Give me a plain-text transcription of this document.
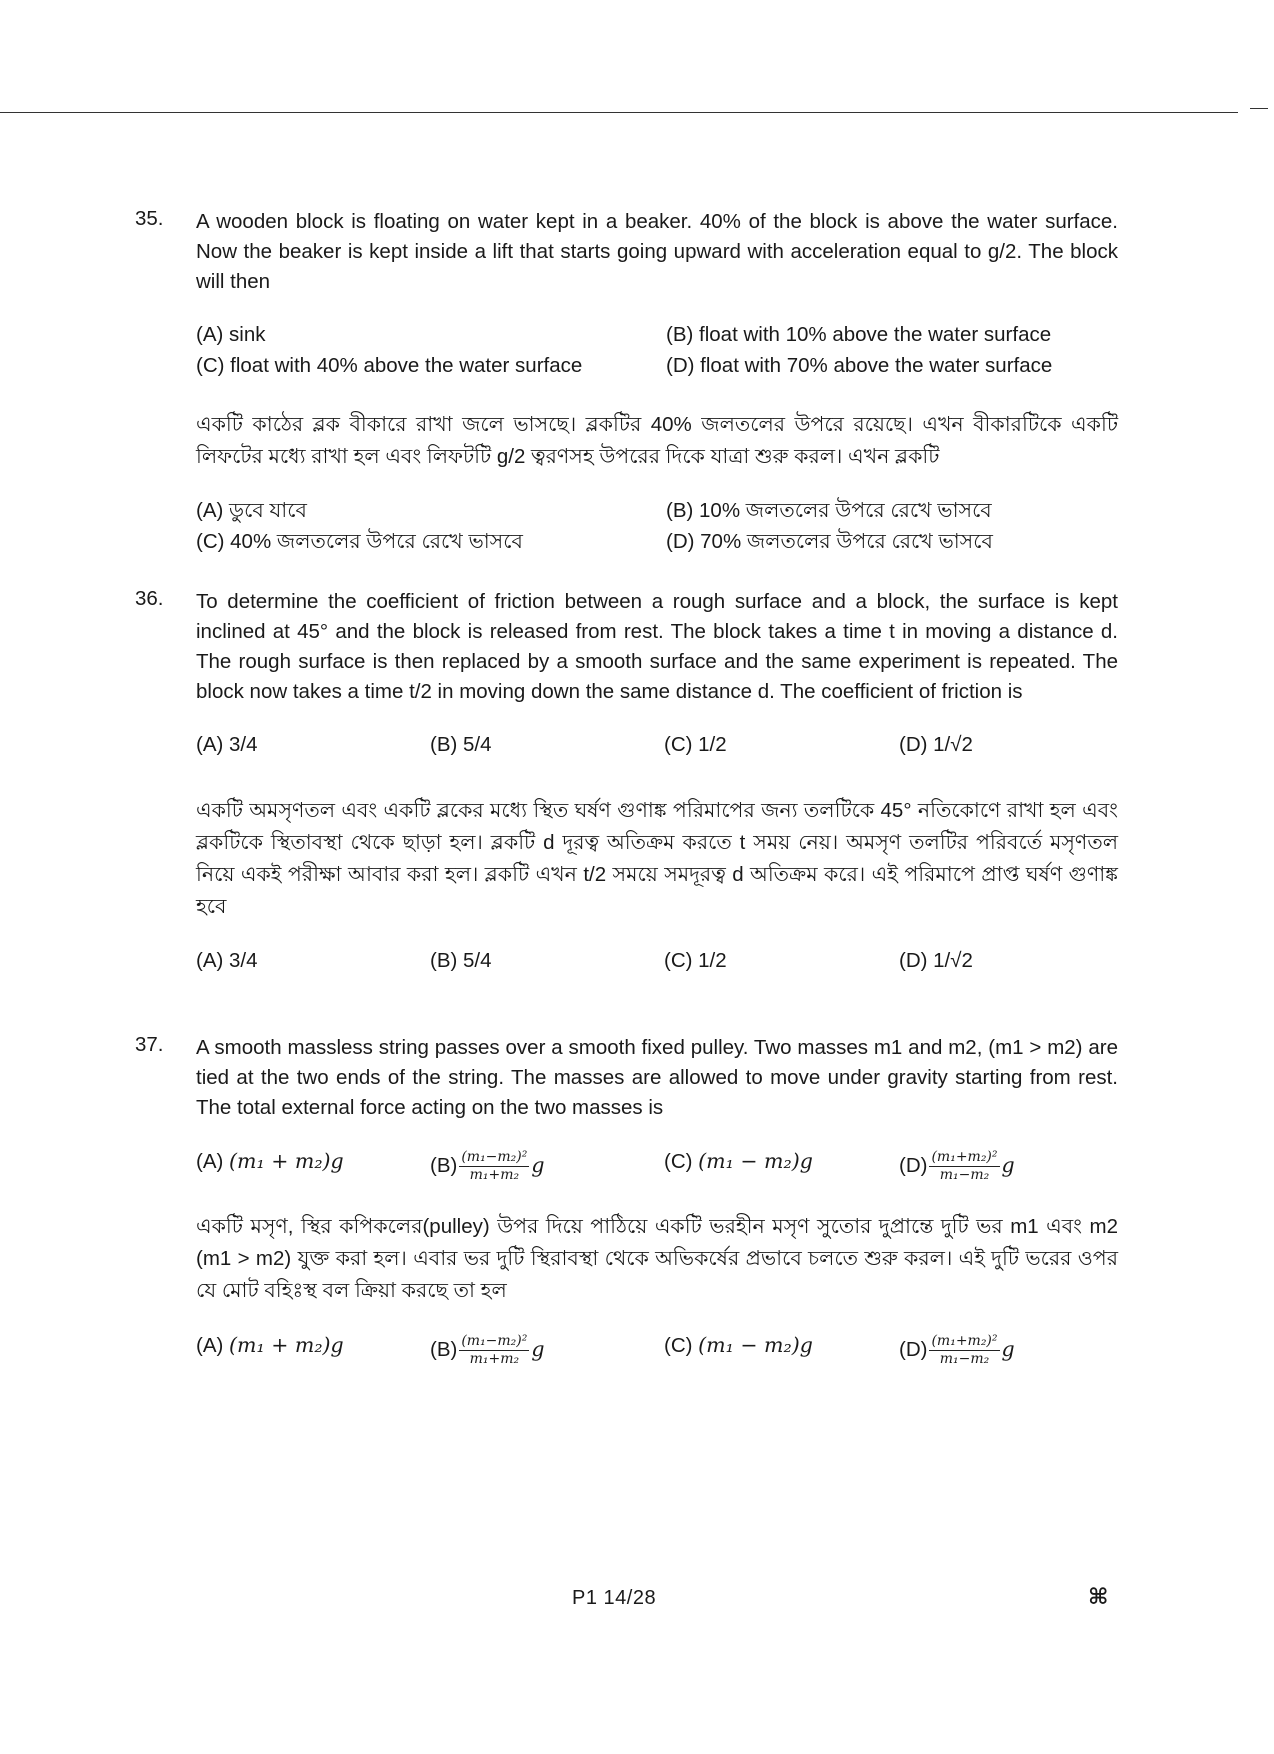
35.	A wooden block is floating on water kept in a beaker. 40% of the block is above the water surface. Now the beaker is kept inside a lift that starts going upward with acceleration equal to g/2. The block will then
(A) sink	(B) float with 10% above the water surface
(C) float with 40% above the water surface	(D) float with 70% above the water surface
একটি কাঠের ব্লক বীকারে রাখা জলে ভাসছে। ব্লকটির 40% জলতলের উপরে রয়েছে। এখন বীকারটিকে একটি লিফটের মধ্যে রাখা হল এবং লিফটটি g/2 ত্বরণসহ উপরের দিকে যাত্রা শুরু করল। এখন ব্লকটি
(A) ডুবে যাবে	(B) 10% জলতলের উপরে রেখে ভাসবে
(C) 40% জলতলের উপরে রেখে ভাসবে	(D) 70% জলতলের উপরে রেখে ভাসবে
36.	To determine the coefficient of friction between a rough surface and a block, the surface is kept inclined at 45° and the block is released from rest. The block takes a time t in moving a distance d. The rough surface is then replaced by a smooth surface and the same experiment is repeated. The block now takes a time t/2 in moving down the same distance d. The coefficient of friction is
(A) 3/4	(B) 5/4	(C) 1/2	(D) 1/√2
একটি অমসৃণতল এবং একটি ব্লকের মধ্যে স্থিত ঘর্ষণ গুণাঙ্ক পরিমাপের জন্য তলটিকে 45° নতিকোণে রাখা হল এবং ব্লকটিকে স্থিতাবস্থা থেকে ছাড়া হল। ব্লকটি d দূরত্ব অতিক্রম করতে t সময় নেয়। অমসৃণ তলটির পরিবর্তে মসৃণতল নিয়ে একই পরীক্ষা আবার করা হল। ব্লকটি এখন t/2 সময়ে সমদূরত্ব d অতিক্রম করে। এই পরিমাপে প্রাপ্ত ঘর্ষণ গুণাঙ্ক হবে
(A) 3/4	(B) 5/4	(C) 1/2	(D) 1/√2
37.	A smooth massless string passes over a smooth fixed pulley. Two masses m1 and m2, (m1 > m2) are tied at the two ends of the string. The masses are allowed to move under gravity starting from rest. The total external force acting on the two masses is
(A) (m₁ + m₂)g	$(B) \frac{\text{(m₁−m₂)²}}{\text{m₁+m₂}}$ g	(C) (m₁ − m₂)g	$(D) \frac{\text{(m₁+m₂)²}}{\text{m₁−m₂}}$ g
একটি মসৃণ, স্থির কপিকলের(pulley) উপর দিয়ে পাঠিয়ে একটি ভরহীন মসৃণ সুতোর দুপ্রান্তে দুটি ভর m1 এবং m2 (m1 > m2) যুক্ত করা হল। এবার ভর দুটি স্থিরাবস্থা থেকে অভিকর্ষের প্রভাবে চলতে শুরু করল। এই দুটি ভরের ওপর যে মোট বহিঃস্থ বল ক্রিয়া করছে তা হল
(A) (m₁ + m₂)g	$(B) \frac{\text{(m₁−m₂)²}}{\text{m₁+m₂}}$ g	(C) (m₁ − m₂)g	$(D) \frac{\text{(m₁+m₂)²}}{\text{m₁−m₂}}$ g
P1 14/28	⌘
